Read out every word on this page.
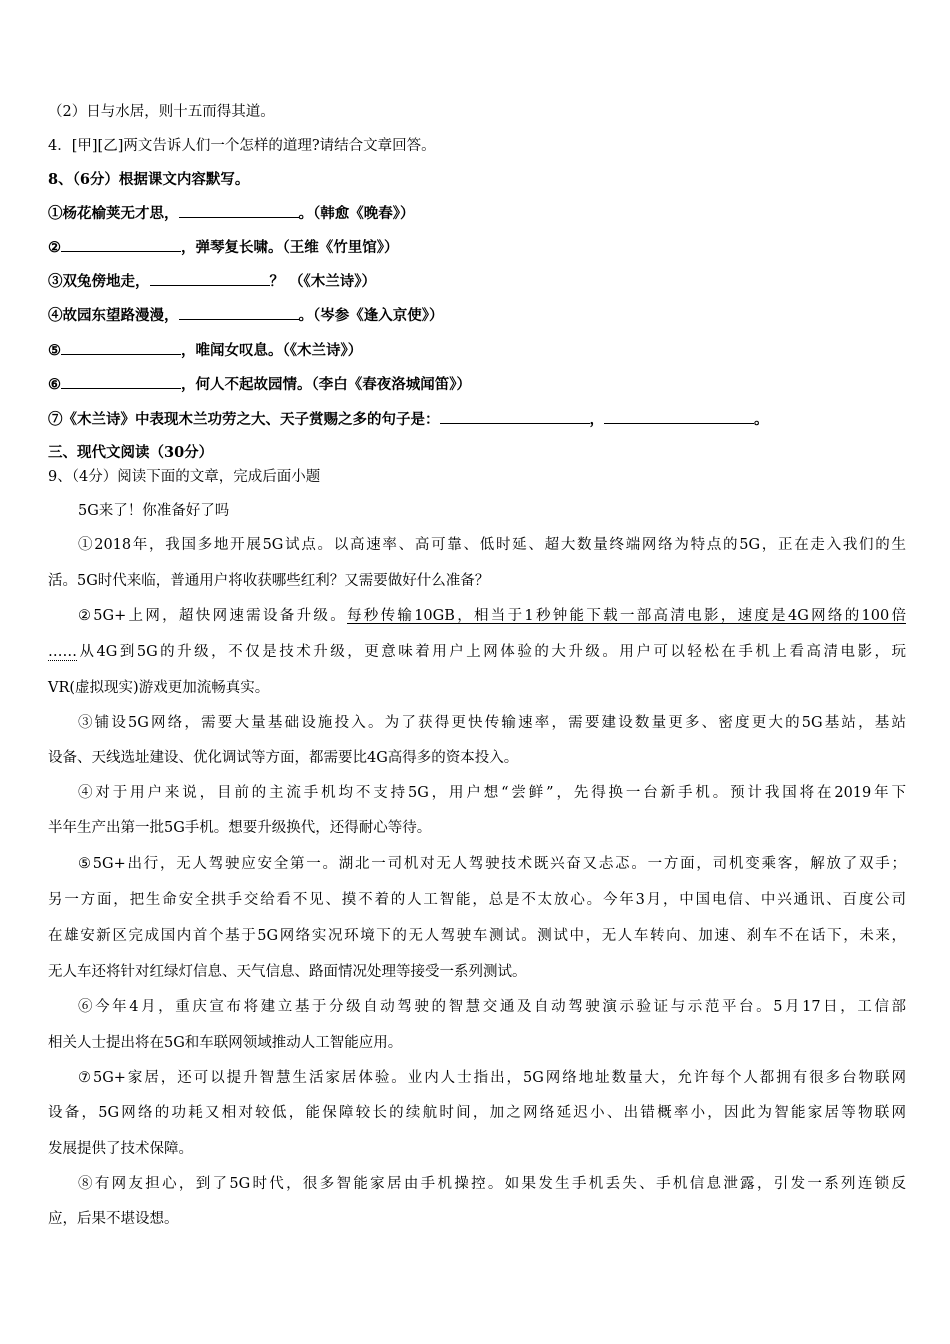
（2）日与水居，则十五而得其道。
4．[甲][乙]两文告诉人们一个怎样的道理?请结合文章回答。
8、（6分）根据课文内容默写。
①杨花榆荚无才思，	。（韩愈《晚春》）
②	，弹琴复长啸。（王维《竹里馆》）
③双兔傍地走，	？ （《木兰诗》）
④故园东望路漫漫，	。（岑参《逢入京使》）
⑤	，唯闻女叹息。（《木兰诗》）
⑥	，何人不起故园情。（李白《春夜洛城闻笛》）
⑦《木兰诗》中表现木兰功劳之大、天子赏赐之多的句子是：	，	。
三、现代文阅读（30分）
9、（4分）阅读下面的文章，完成后面小题
5G来了！你准备好了吗
①2018年，我国多地开展5G试点。以高速率、高可靠、低时延、超大数量终端网络为特点的5G，正在走入我们的生
活。5G时代来临，普通用户将收获哪些红利？又需要做好什么准备？
②5G+上网，超快网速需设备升级。每秒传输10GB，相当于1秒钟能下载一部高清电影，速度是4G网络的100倍
……从4G到5G的升级，不仅是技术升级，更意味着用户上网体验的大升级。用户可以轻松在手机上看高清电影，玩
VR(虚拟现实)游戏更加流畅真实。
③铺设5G网络，需要大量基础设施投入。为了获得更快传输速率，需要建设数量更多、密度更大的5G基站，基站
设备、天线选址建设、优化调试等方面，都需要比4G高得多的资本投入。
④对于用户来说，目前的主流手机均不支持5G，用户想“尝鲜”，先得换一台新手机。预计我国将在2019年下
半年生产出第一批5G手机。想要升级换代，还得耐心等待。
⑤5G+出行，无人驾驶应安全第一。湖北一司机对无人驾驶技术既兴奋又忐忑。一方面，司机变乘客，解放了双手；
另一方面，把生命安全拱手交给看不见、摸不着的人工智能，总是不太放心。今年3月，中国电信、中兴通讯、百度公司
在雄安新区完成国内首个基于5G网络实况环境下的无人驾驶车测试。测试中，无人车转向、加速、刹车不在话下，未来，
无人车还将针对红绿灯信息、天气信息、路面情况处理等接受一系列测试。
⑥今年4月，重庆宣布将建立基于分级自动驾驶的智慧交通及自动驾驶演示验证与示范平台。5月17日，工信部
相关人士提出将在5G和车联网领域推动人工智能应用。
⑦5G+家居，还可以提升智慧生活家居体验。业内人士指出，5G网络地址数量大，允许每个人都拥有很多台物联网
设备，5G网络的功耗又相对较低，能保障较长的续航时间，加之网络延迟小、出错概率小，因此为智能家居等物联网
发展提供了技术保障。
⑧有网友担心，到了5G时代，很多智能家居由手机操控。如果发生手机丢失、手机信息泄露，引发一系列连锁反
应，后果不堪设想。
